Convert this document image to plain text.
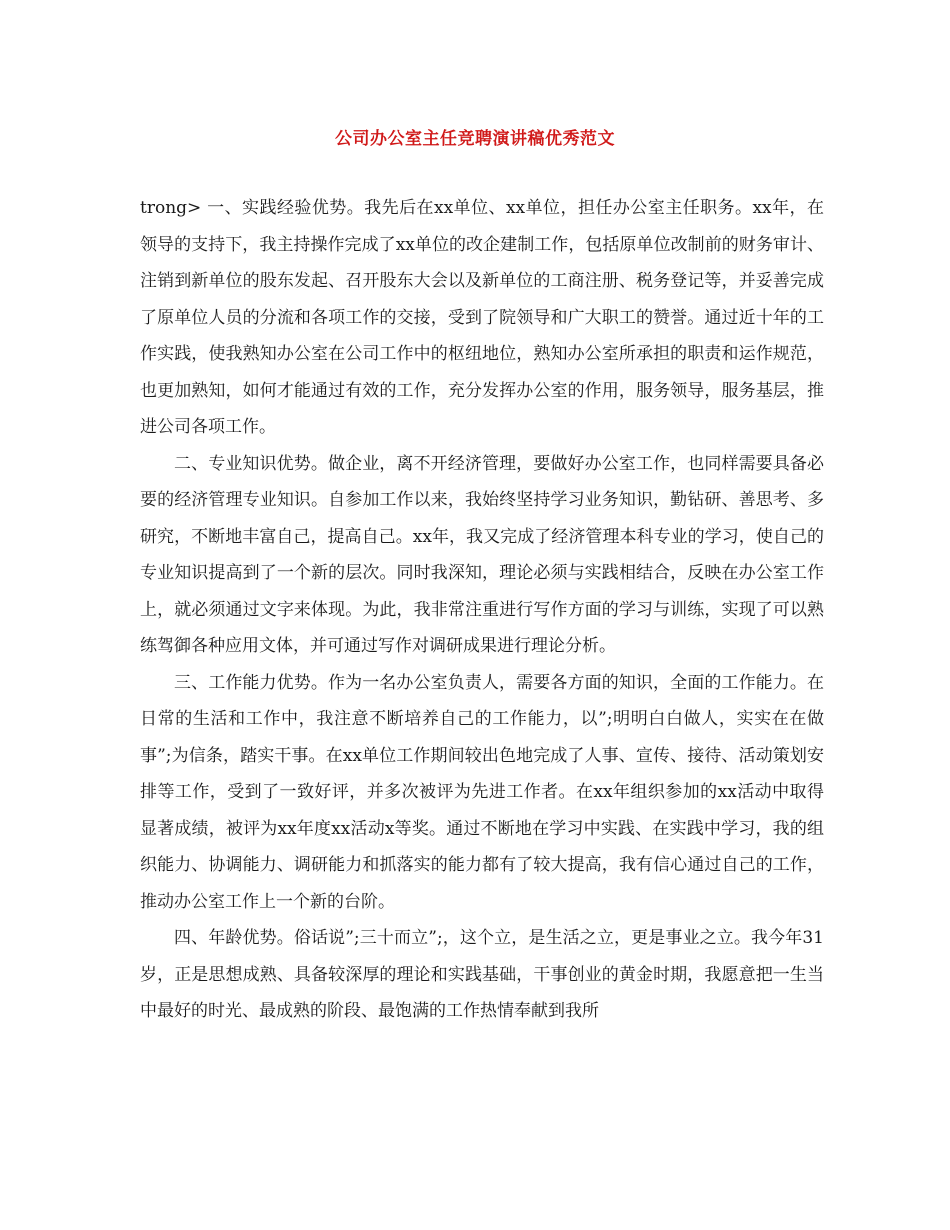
公司办公室主任竞聘演讲稿优秀范文

trong> 一、实践经验优势。我先后在xx单位、xx单位，担任办公室主任职务。xx年，在领导的支持下，我主持操作完成了xx单位的改企建制工作，包括原单位改制前的财务审计、注销到新单位的股东发起、召开股东大会以及新单位的工商注册、税务登记等，并妥善完成了原单位人员的分流和各项工作的交接，受到了院领导和广大职工的赞誉。通过近十年的工作实践，使我熟知办公室在公司工作中的枢纽地位，熟知办公室所承担的职责和运作规范，也更加熟知，如何才能通过有效的工作，充分发挥办公室的作用，服务领导，服务基层，推进公司各项工作。

二、专业知识优势。做企业，离不开经济管理，要做好办公室工作，也同样需要具备必要的经济管理专业知识。自参加工作以来，我始终坚持学习业务知识，勤钻研、善思考、多研究，不断地丰富自己，提高自己。xx年，我又完成了经济管理本科专业的学习，使自己的专业知识提高到了一个新的层次。同时我深知，理论必须与实践相结合，反映在办公室工作上，就必须通过文字来体现。为此，我非常注重进行写作方面的学习与训练，实现了可以熟练驾御各种应用文体，并可通过写作对调研成果进行理论分析。

三、工作能力优势。作为一名办公室负责人，需要各方面的知识，全面的工作能力。在日常的生活和工作中，我注意不断培养自己的工作能力，以”;明明白白做人，实实在在做事”;为信条，踏实干事。在xx单位工作期间较出色地完成了人事、宣传、接待、活动策划安排等工作，受到了一致好评，并多次被评为先进工作者。在xx年组织参加的xx活动中取得显著成绩，被评为xx年度xx活动x等奖。通过不断地在学习中实践、在实践中学习，我的组织能力、协调能力、调研能力和抓落实的能力都有了较大提高，我有信心通过自己的工作，推动办公室工作上一个新的台阶。

四、年龄优势。俗话说”;三十而立”;，这个立，是生活之立，更是事业之立。我今年31岁，正是思想成熟、具备较深厚的理论和实践基础，干事创业的黄金时期，我愿意把一生当中最好的时光、最成熟的阶段、最饱满的工作热情奉献到我所
